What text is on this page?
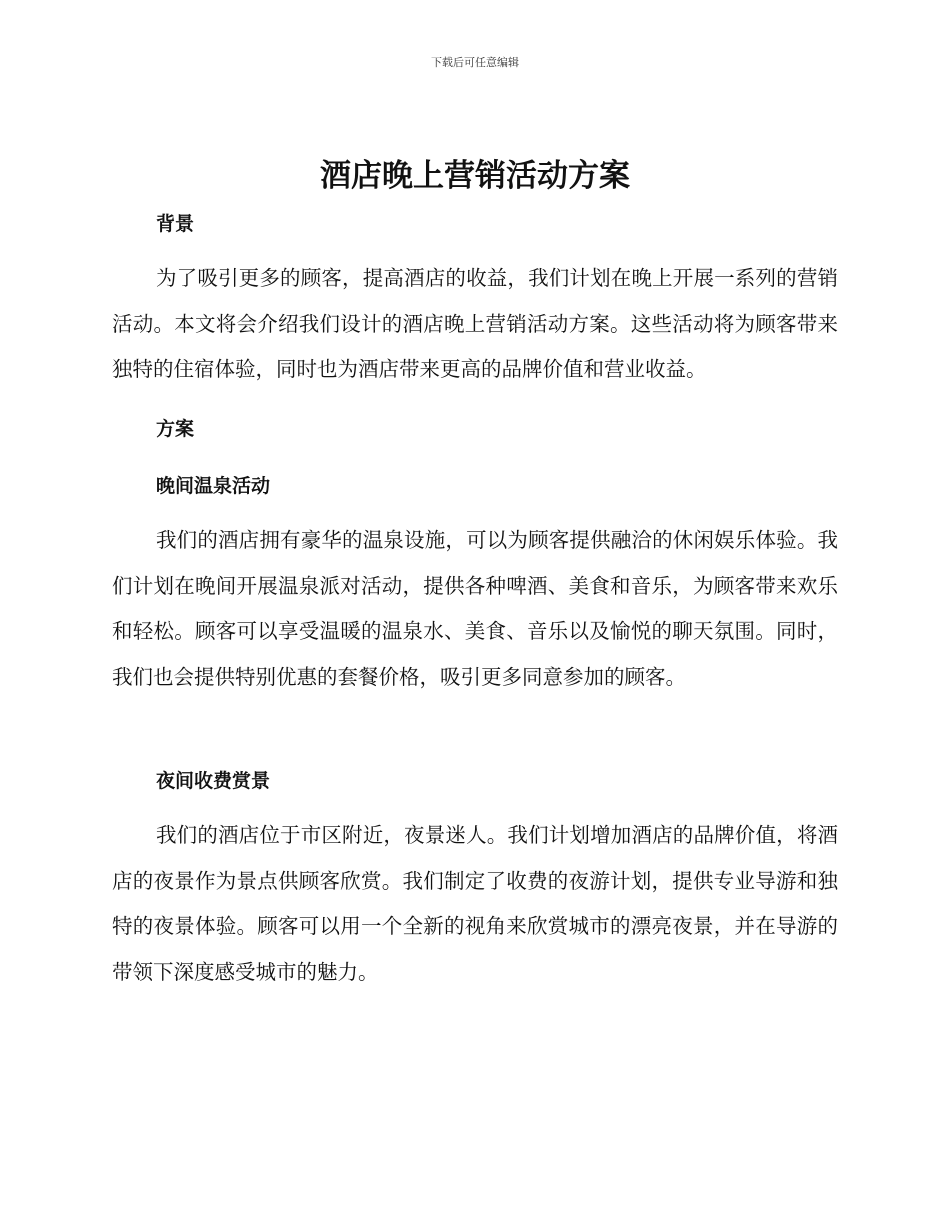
下载后可任意编辑
酒店晚上营销活动方案
背景

为了吸引更多的顾客，提高酒店的收益，我们计划在晚上开展一系列的营销活动。本文将会介绍我们设计的酒店晚上营销活动方案。这些活动将为顾客带来独特的住宿体验，同时也为酒店带来更高的品牌价值和营业收益。

方案
晚间温泉活动

我们的酒店拥有豪华的温泉设施，可以为顾客提供融洽的休闲娱乐体验。我们计划在晚间开展温泉派对活动，提供各种啤酒、美食和音乐，为顾客带来欢乐和轻松。顾客可以享受温暖的温泉水、美食、音乐以及愉悦的聊天氛围。同时，我们也会提供特别优惠的套餐价格，吸引更多同意参加的顾客。

夜间收费赏景

我们的酒店位于市区附近，夜景迷人。我们计划增加酒店的品牌价值，将酒店的夜景作为景点供顾客欣赏。我们制定了收费的夜游计划，提供专业导游和独特的夜景体验。顾客可以用一个全新的视角来欣赏城市的漂亮夜景，并在导游的带领下深度感受城市的魅力。
